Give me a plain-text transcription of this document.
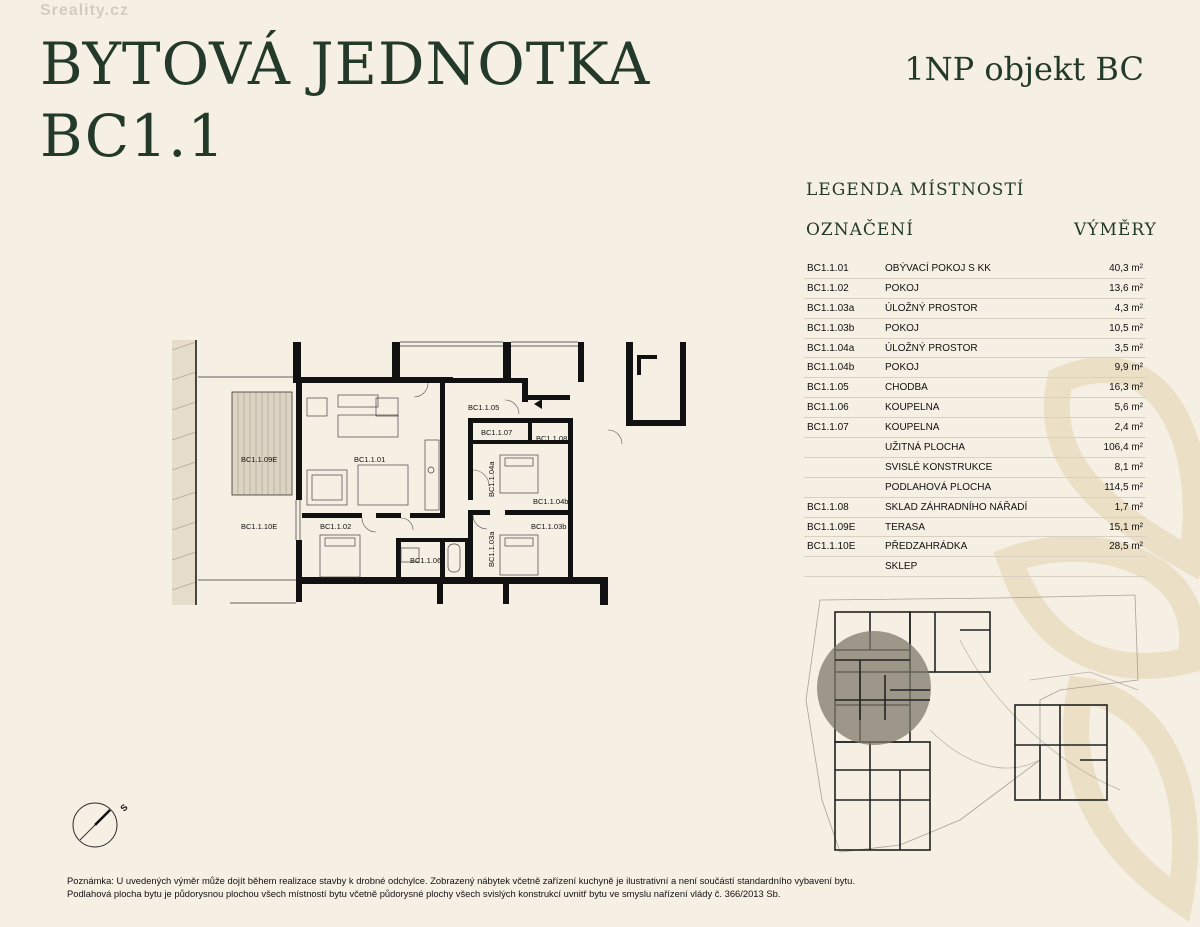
Sreality.cz
BYTOVÁ JEDNOTKA
BC1.1
1NP objekt BC
LEGENDA MÍSTNOSTÍ
OZNAČENÍ	VÝMĚRY
BC1.1.01	OBÝVACÍ POKOJ S KK	40,3 m²
BC1.1.02	POKOJ	13,6 m²
BC1.1.03a	ÚLOŽNÝ PROSTOR	4,3 m²
BC1.1.03b	POKOJ	10,5 m²
BC1.1.04a	ÚLOŽNÝ PROSTOR	3,5 m²
BC1.1.04b	POKOJ	9,9 m²
BC1.1.05	CHODBA	16,3 m²
BC1.1.06	KOUPELNA	5,6 m²
BC1.1.07	KOUPELNA	2,4 m²
	UŽITNÁ PLOCHA	106,4 m²
	SVISLÉ KONSTRUKCE	8,1 m²
	PODLAHOVÁ PLOCHA	114,5 m²
BC1.1.08	SKLAD ZÁHRADNÍHO NÁŘADÍ	1,7 m²
BC1.1.09E	TERASA	15,1 m²
BC1.1.10E	PŘEDZAHRÁDKA	28,5 m²
	SKLEP	
BC1.1.09E
BC1.1.10E
BC1.1.01
BC1.1.02
BC1.1.05
BC1.1.07
BC1.1.08
BC1.1.04b
BC1.1.03b
BC1.1.06
BC1.1.04a
BC1.1.03a
S
Poznámka: U uvedených výměr může dojít během realizace stavby k drobné odchylce. Zobrazený nábytek včetně zařízení kuchyně je ilustrativní a není součástí standardního vybavení bytu.
Podlahová plocha bytu je půdorysnou plochou všech místností bytu včetně půdorysné plochy všech svislých konstrukcí uvnitř bytu ve smyslu nařízení vlády č. 366/2013 Sb.
